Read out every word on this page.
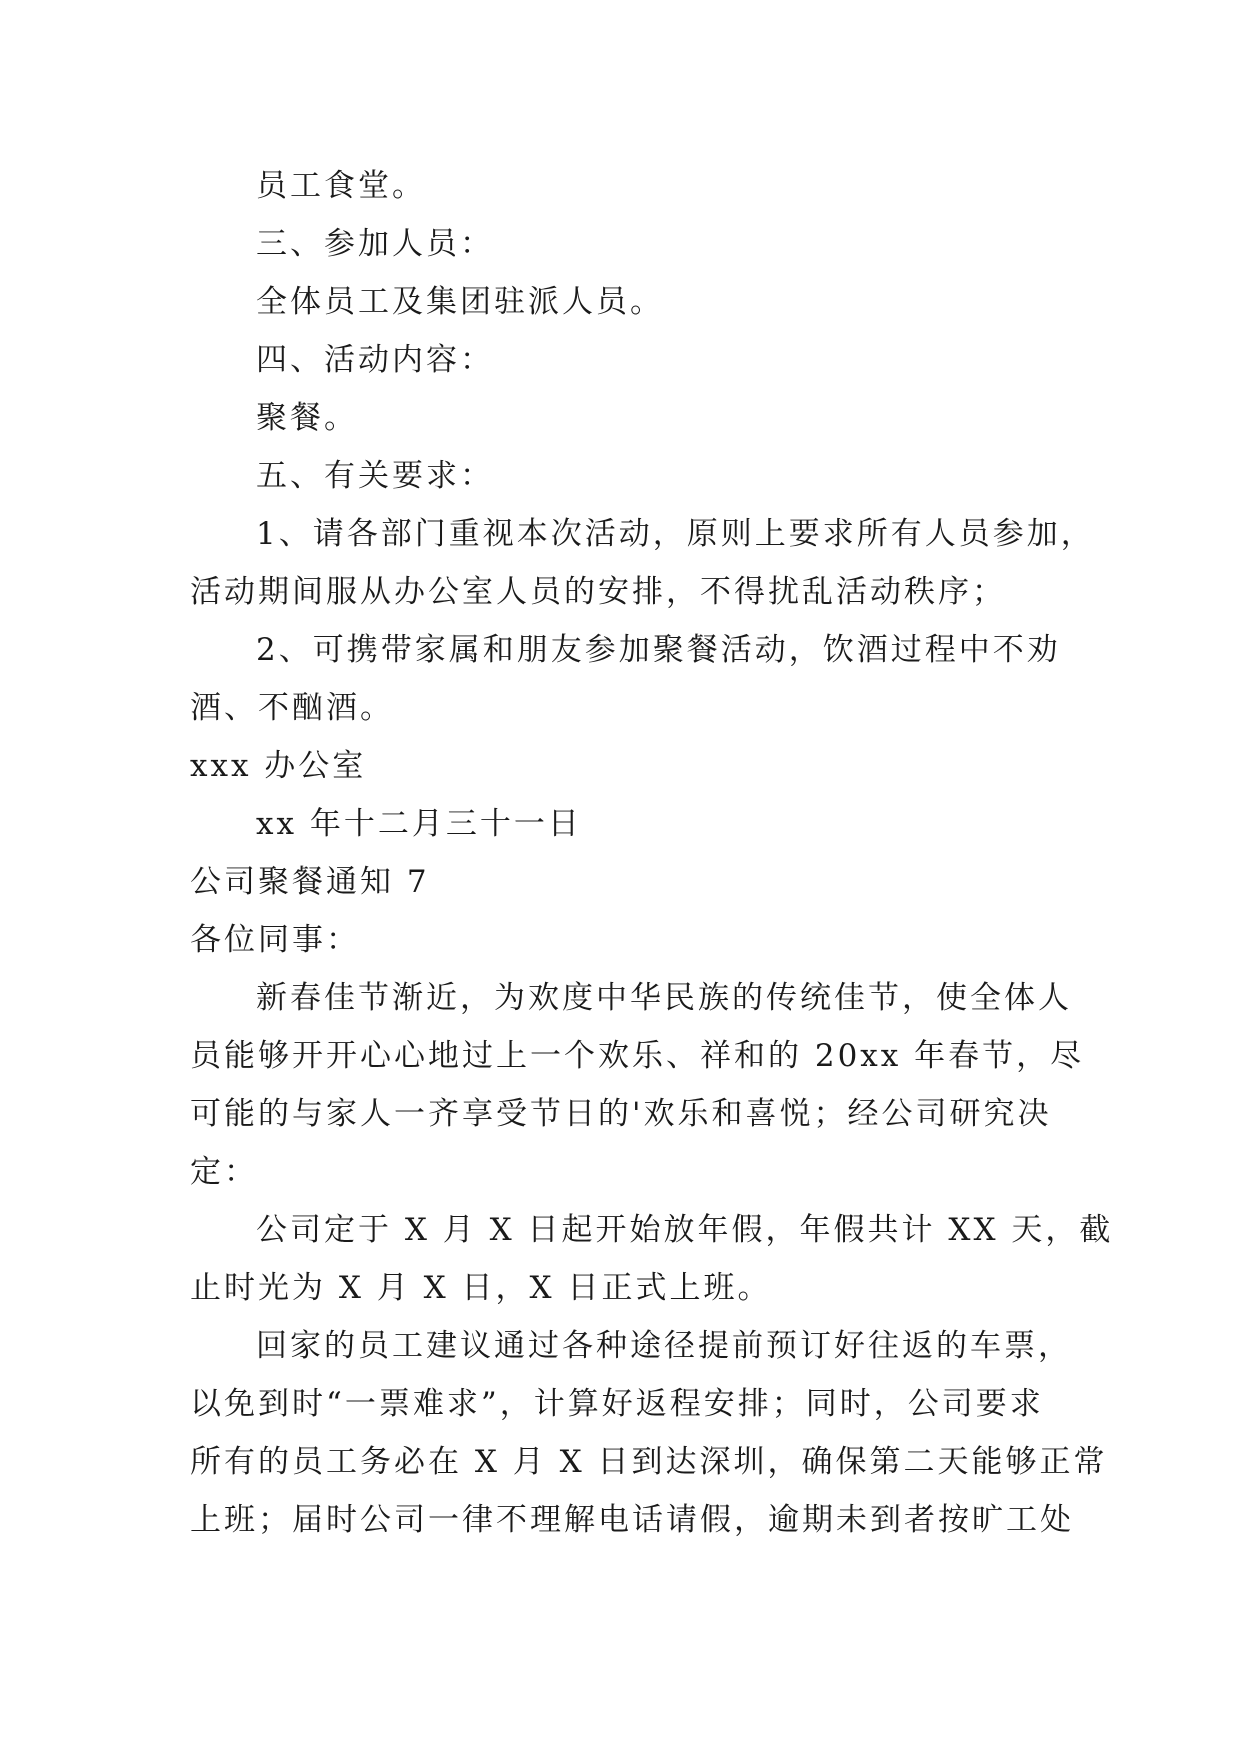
员工食堂。
三、参加人员：
全体员工及集团驻派人员。
四、活动内容：
聚餐。
五、有关要求：
1、请各部门重视本次活动，原则上要求所有人员参加，
活动期间服从办公室人员的安排，不得扰乱活动秩序；
2、可携带家属和朋友参加聚餐活动，饮酒过程中不劝
酒、不酗酒。
xxx 办公室
xx 年十二月三十一日
公司聚餐通知 7
各位同事：
新春佳节渐近，为欢度中华民族的传统佳节，使全体人
员能够开开心心地过上一个欢乐、祥和的 20xx 年春节，尽
可能的与家人一齐享受节日的'欢乐和喜悦；经公司研究决
定：
公司定于 X 月 X 日起开始放年假，年假共计 XX 天，截
止时光为 X 月 X 日，X 日正式上班。
回家的员工建议通过各种途径提前预订好往返的车票，
以免到时“一票难求”，计算好返程安排；同时，公司要求
所有的员工务必在 X 月 X 日到达深圳，确保第二天能够正常
上班；届时公司一律不理解电话请假，逾期未到者按旷工处
